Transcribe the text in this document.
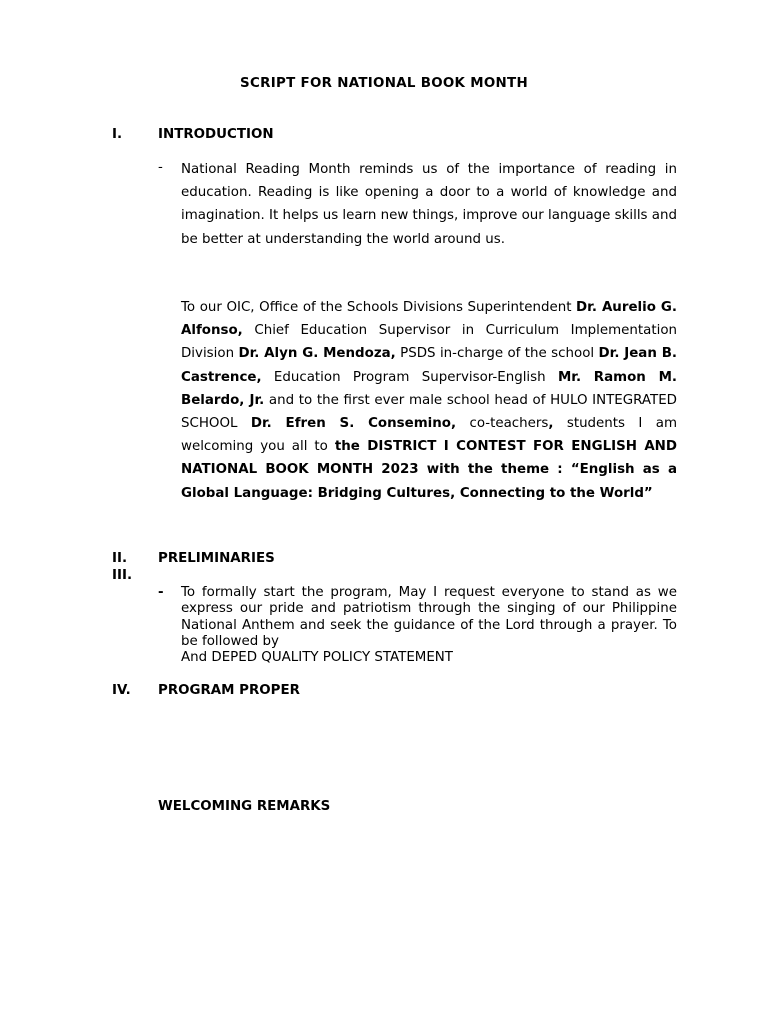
SCRIPT FOR NATIONAL BOOK MONTH
I.	INTRODUCTION
- National Reading Month reminds us of the importance of reading in education. Reading is like opening a door to a world of knowledge and imagination. It helps us learn new things, improve our language skills and be better at understanding the world around us.
To our OIC, Office of the Schools Divisions Superintendent Dr. Aurelio G. Alfonso, Chief Education Supervisor in Curriculum Implementation Division Dr. Alyn G. Mendoza, PSDS in-charge of the school Dr. Jean B. Castrence, Education Program Supervisor-English Mr. Ramon M. Belardo, Jr. and to the first ever male school head of HULO INTEGRATED SCHOOL Dr. Efren S. Consemino, co-teachers, students I am welcoming you all to the DISTRICT I CONTEST FOR ENGLISH AND NATIONAL BOOK MONTH 2023 with the theme : “English as a Global Language: Bridging Cultures, Connecting to the World”
II. PRELIMINARIES
III.
- To formally start the program, May I request everyone to stand as we express our pride and patriotism through the singing of our Philippine National Anthem and seek the guidance of the Lord through a prayer. To be followed by
And DEPED QUALITY POLICY STATEMENT
IV. PROGRAM PROPER
WELCOMING REMARKS
